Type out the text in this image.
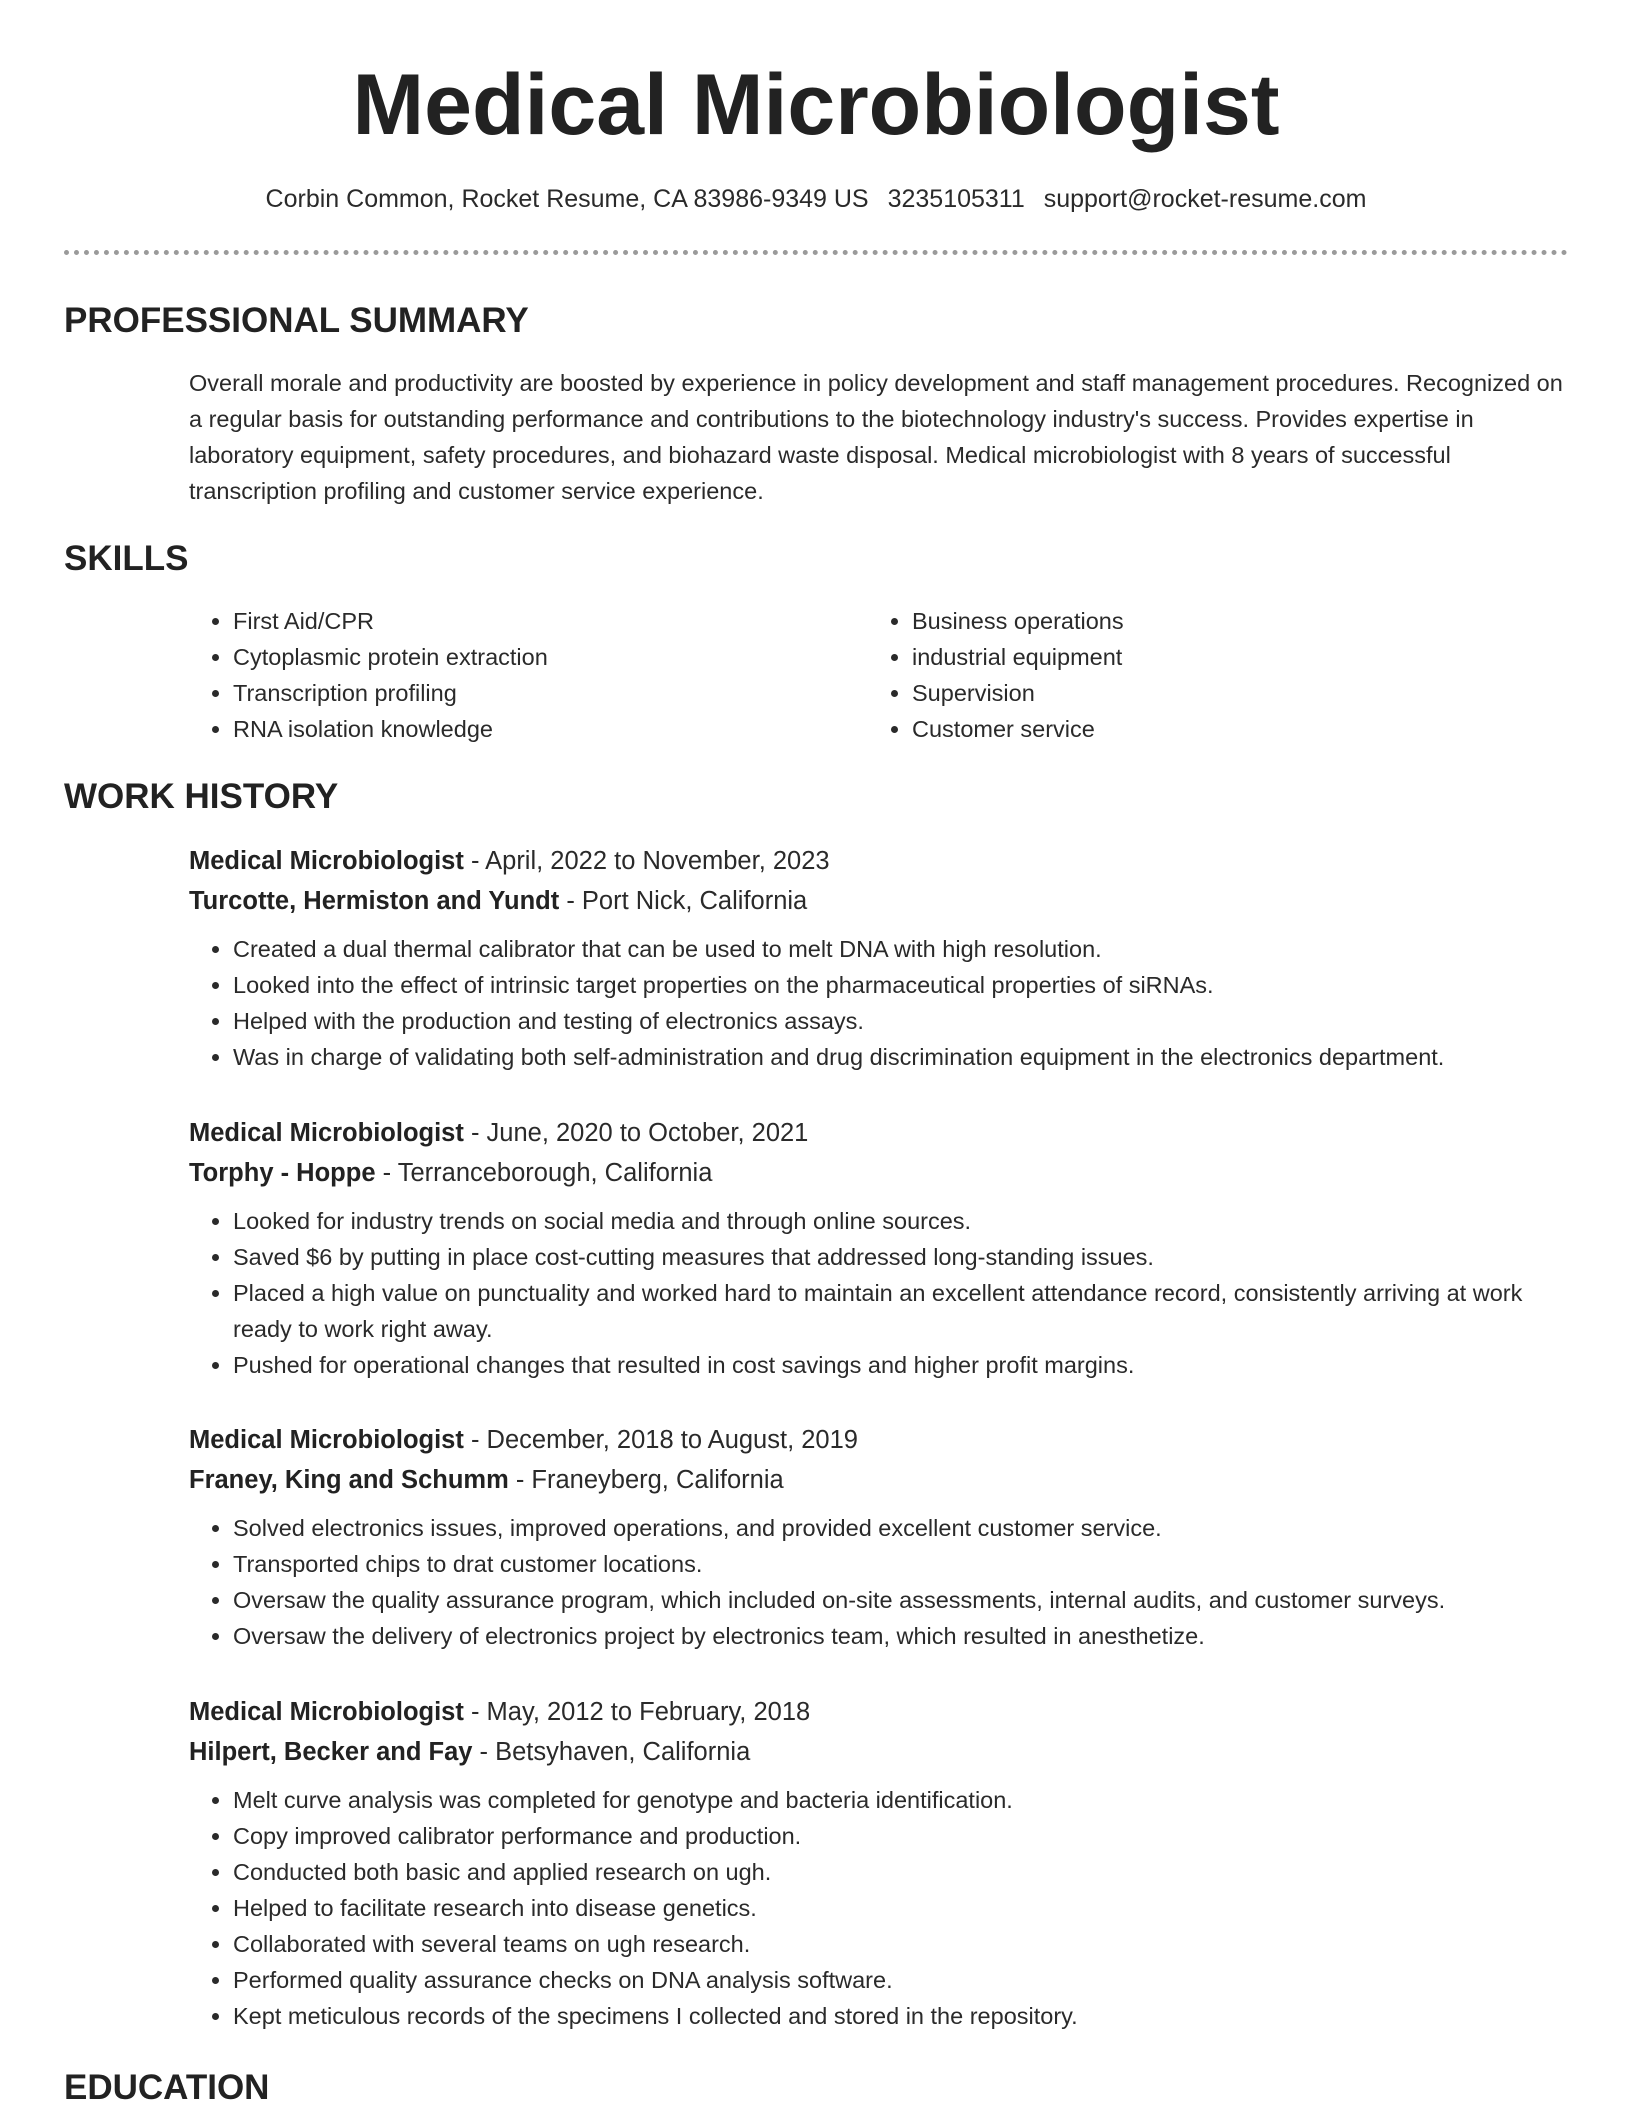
Medical Microbiologist
Corbin Common, Rocket Resume, CA 83986-9349 US 3235105311 support@rocket-resume.com
PROFESSIONAL SUMMARY

Overall morale and productivity are boosted by experience in policy development and staff management procedures. Recognized on a regular basis for outstanding performance and contributions to the biotechnology industry's success. Provides expertise in laboratory equipment, safety procedures, and biohazard waste disposal. Medical microbiologist with 8 years of successful transcription profiling and customer service experience.

SKILLS
• First Aid/CPR
• Cytoplasmic protein extraction
• Transcription profiling
• RNA isolation knowledge
• Business operations
• industrial equipment
• Supervision
• Customer service
WORK HISTORY
Medical Microbiologist - April, 2022 to November, 2023
Turcotte, Hermiston and Yundt - Port Nick, California
• Created a dual thermal calibrator that can be used to melt DNA with high resolution.
• Looked into the effect of intrinsic target properties on the pharmaceutical properties of siRNAs.
• Helped with the production and testing of electronics assays.
• Was in charge of validating both self-administration and drug discrimination equipment in the electronics department.
Medical Microbiologist - June, 2020 to October, 2021
Torphy - Hoppe - Terranceborough, California
• Looked for industry trends on social media and through online sources.
• Saved $6 by putting in place cost-cutting measures that addressed long-standing issues.
• Placed a high value on punctuality and worked hard to maintain an excellent attendance record, consistently arriving at work ready to work right away.
• Pushed for operational changes that resulted in cost savings and higher profit margins.
Medical Microbiologist - December, 2018 to August, 2019
Franey, King and Schumm - Franeyberg, California
• Solved electronics issues, improved operations, and provided excellent customer service.
• Transported chips to drat customer locations.
• Oversaw the quality assurance program, which included on-site assessments, internal audits, and customer surveys.
• Oversaw the delivery of electronics project by electronics team, which resulted in anesthetize.
Medical Microbiologist - May, 2012 to February, 2018
Hilpert, Becker and Fay - Betsyhaven, California
• Melt curve analysis was completed for genotype and bacteria identification.
• Copy improved calibrator performance and production.
• Conducted both basic and applied research on ugh.
• Helped to facilitate research into disease genetics.
• Collaborated with several teams on ugh research.
• Performed quality assurance checks on DNA analysis software.
• Kept meticulous records of the specimens I collected and stored in the repository.
EDUCATION
